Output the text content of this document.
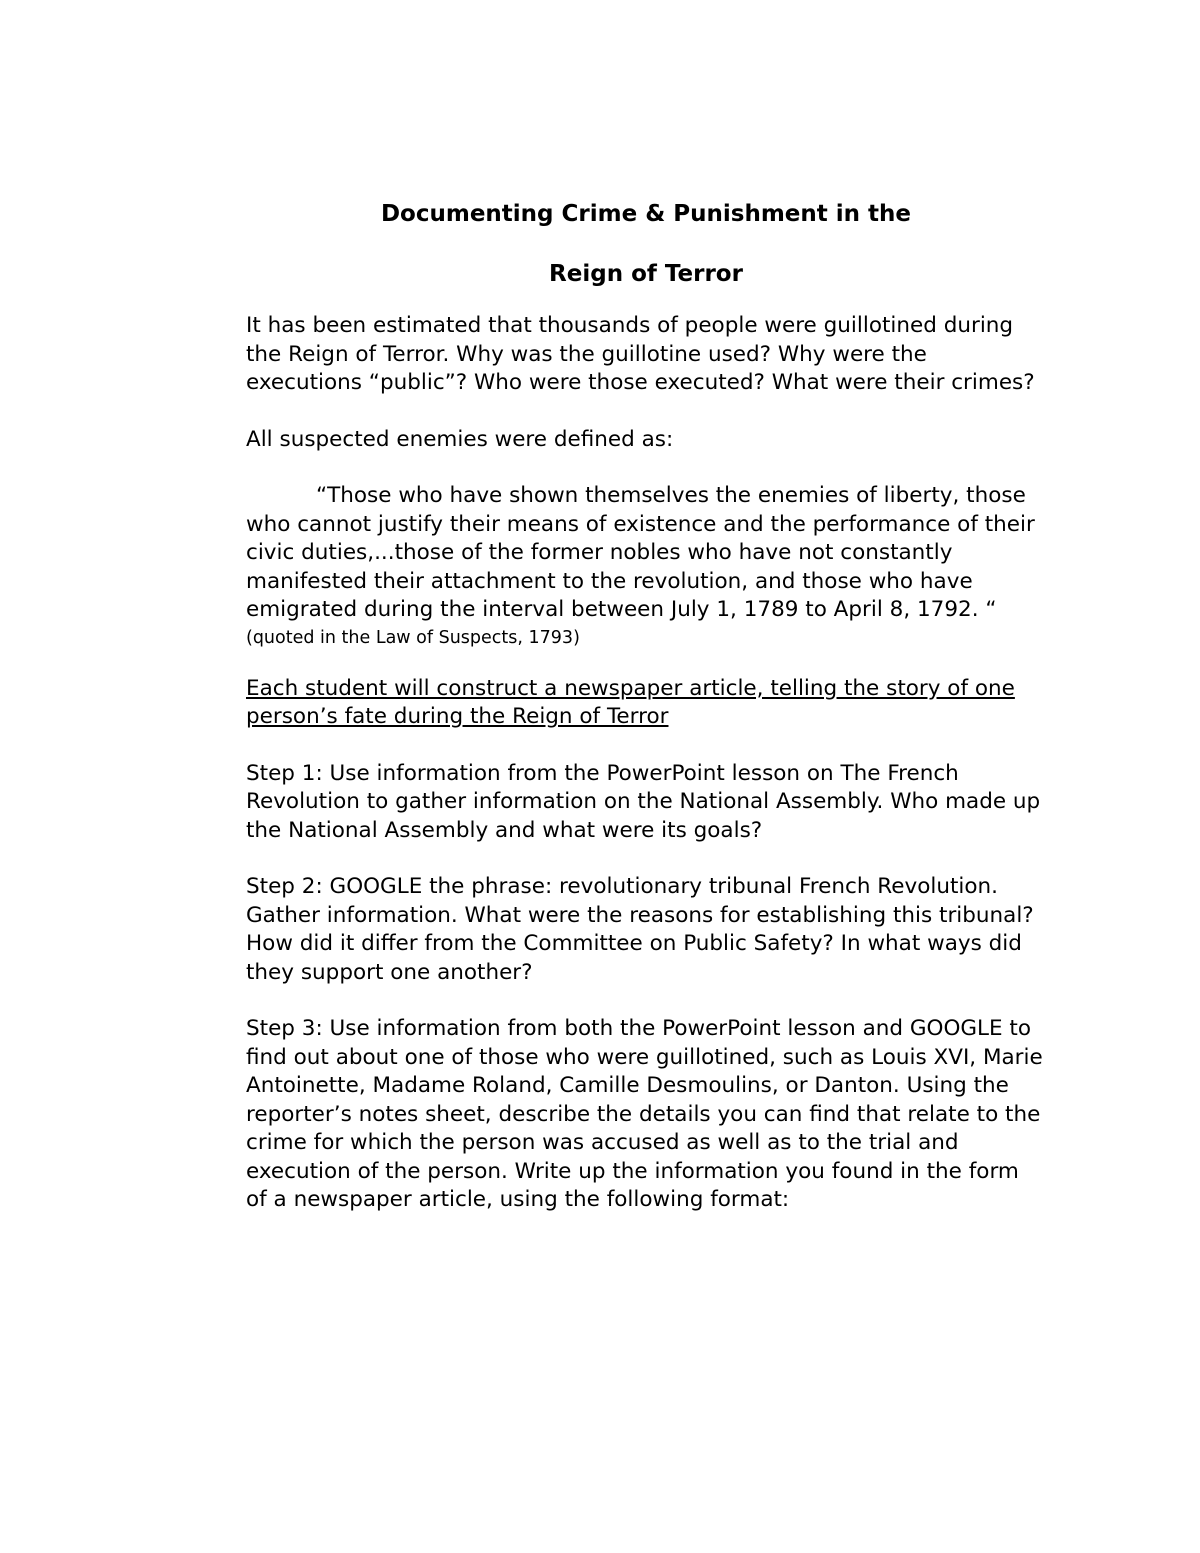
Documenting Crime & Punishment in the
Reign of Terror

It has been estimated that thousands of people were guillotined during the Reign of Terror. Why was the guillotine used? Why were the executions “public”? Who were those executed? What were their crimes?

All suspected enemies were defined as:

“Those who have shown themselves the enemies of liberty, those who cannot justify their means of existence and the performance of their civic duties,...those of the former nobles who have not constantly manifested their attachment to the revolution, and those who have emigrated during the interval between July 1, 1789 to April 8, 1792. “

(quoted in the Law of Suspects, 1793)

Each student will construct a newspaper article, telling the story of one person’s fate during the Reign of Terror

Step 1: Use information from the PowerPoint lesson on The French Revolution to gather information on the National Assembly. Who made up the National Assembly and what were its goals?

Step 2: GOOGLE the phrase: revolutionary tribunal French Revolution. Gather information. What were the reasons for establishing this tribunal? How did it differ from the Committee on Public Safety? In what ways did they support one another?

Step 3: Use information from both the PowerPoint lesson and GOOGLE to find out about one of those who were guillotined, such as Louis XVI, Marie Antoinette, Madame Roland, Camille Desmoulins, or Danton. Using the reporter’s notes sheet, describe the details you can find that relate to the crime for which the person was accused as well as to the trial and execution of the person. Write up the information you found in the form of a newspaper article, using the following format:
